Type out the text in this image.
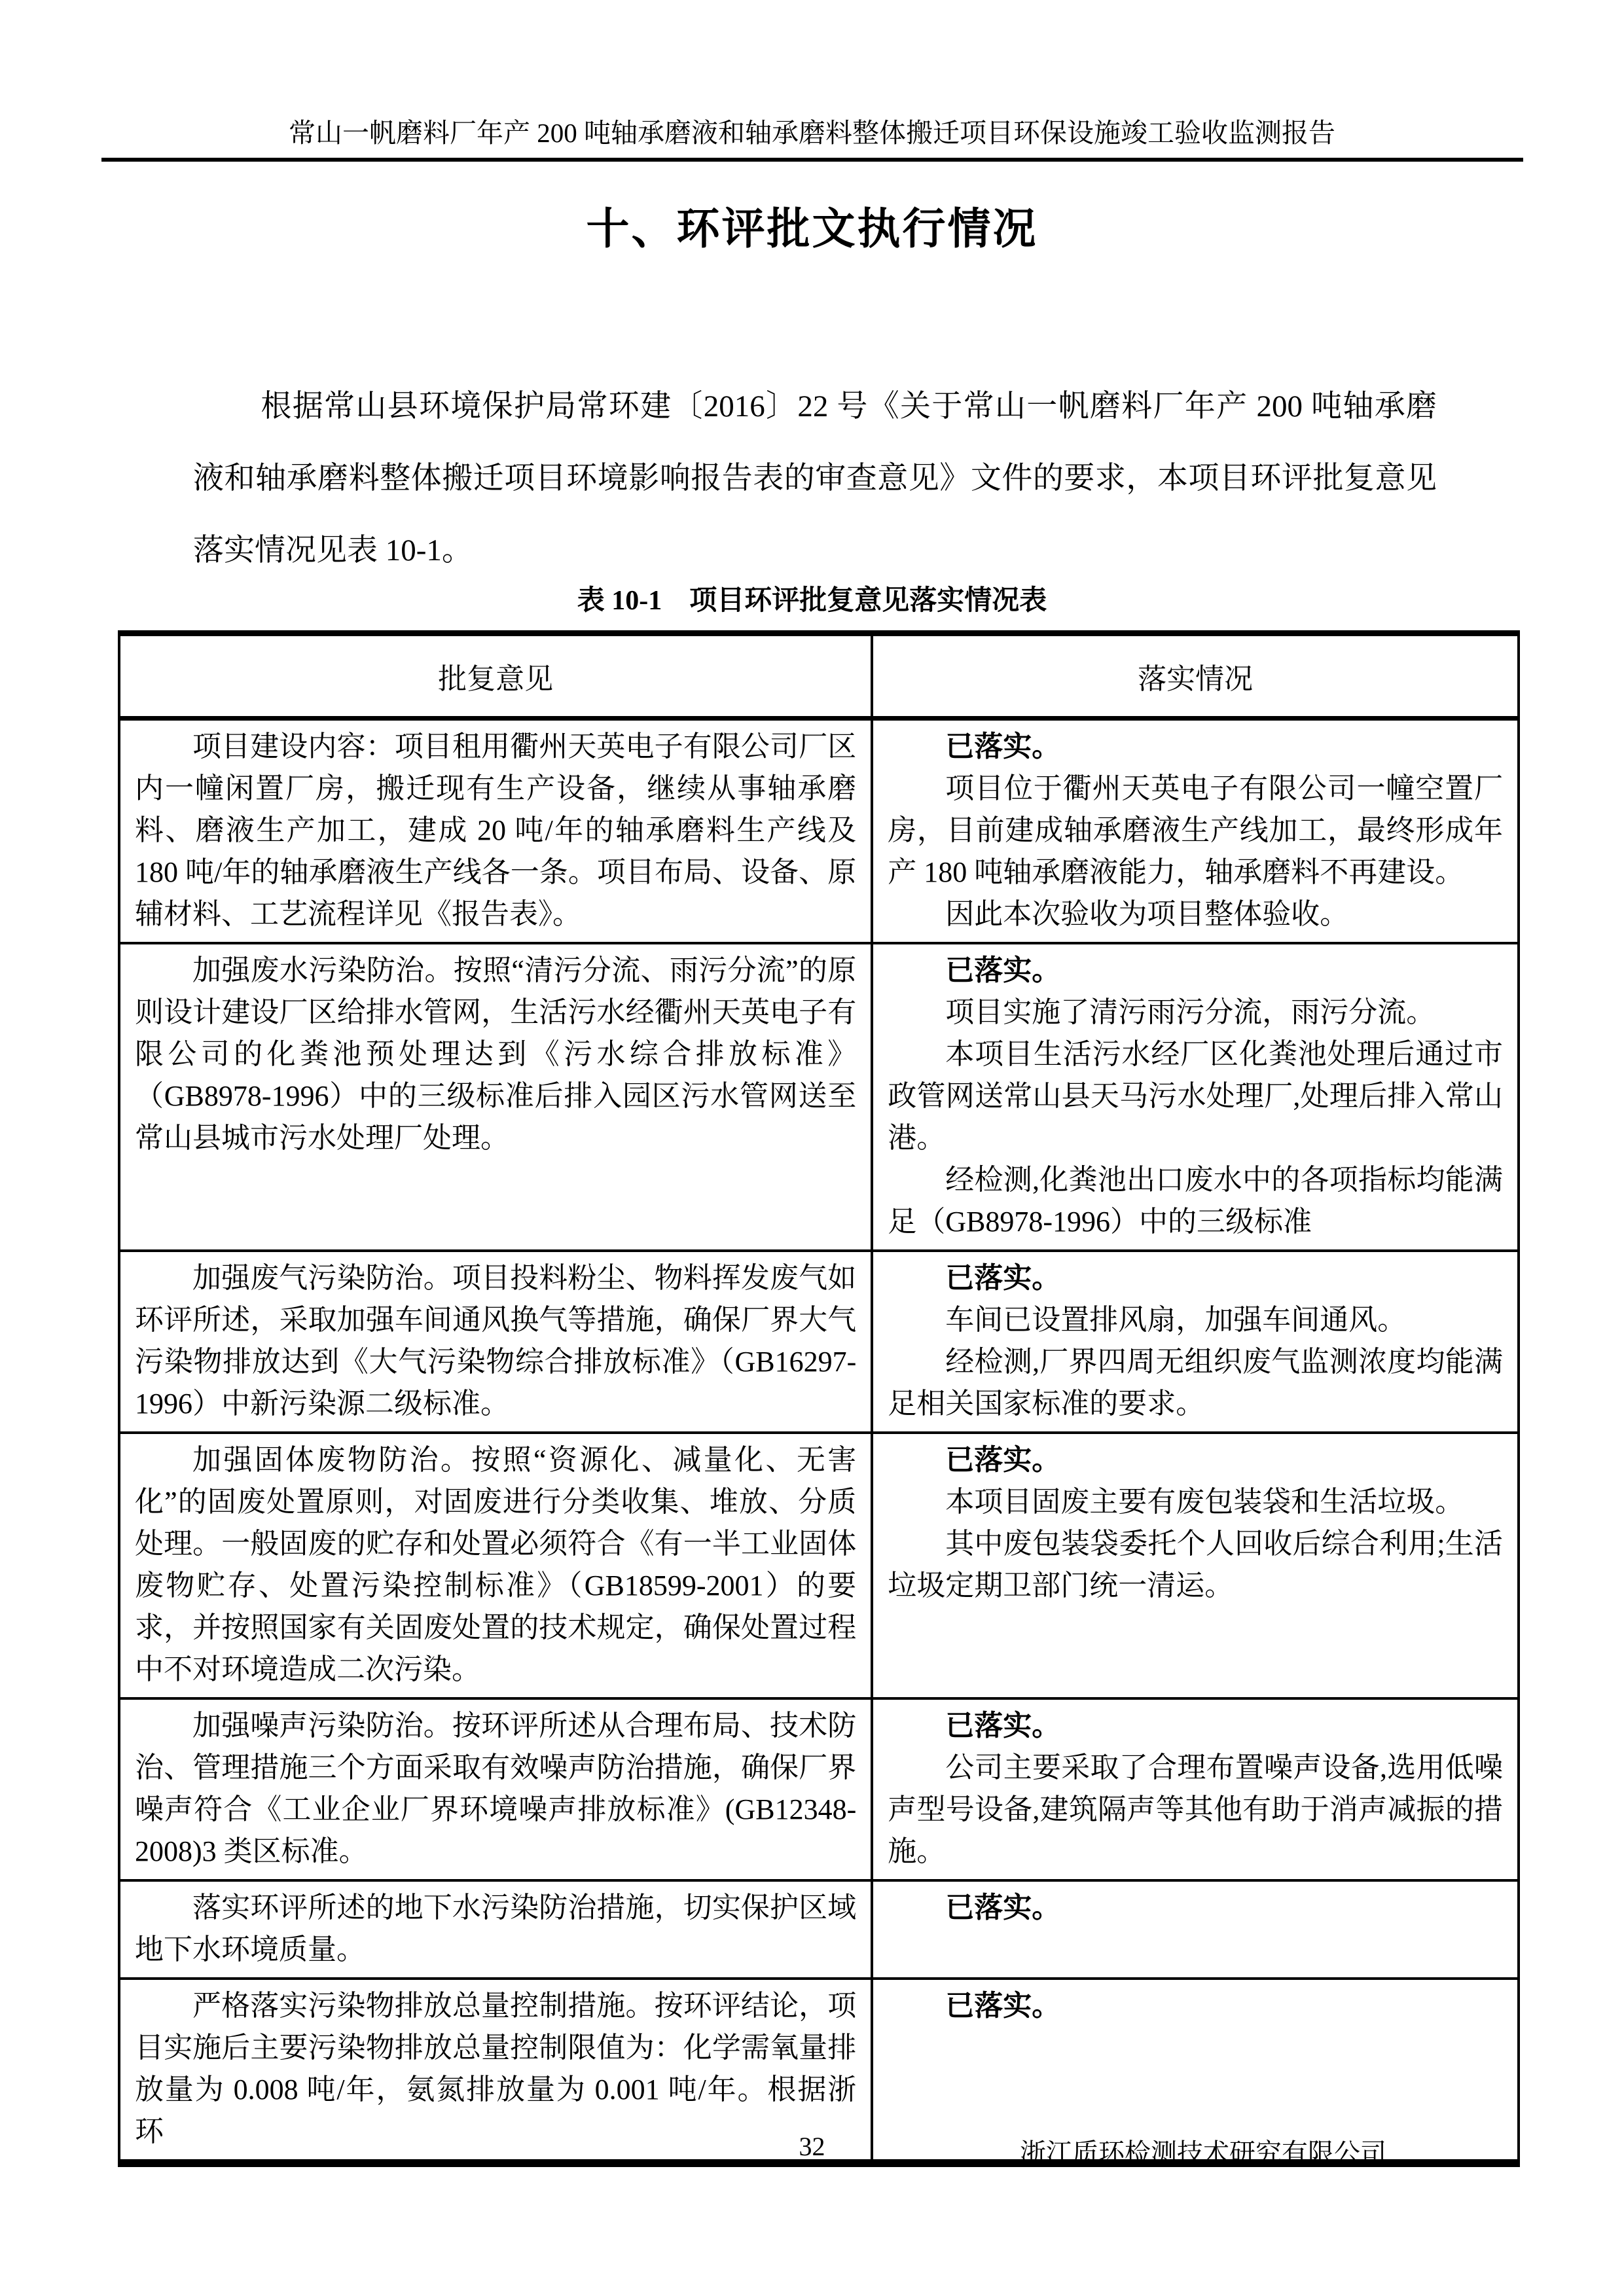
常山一帆磨料厂年产 200 吨轴承磨液和轴承磨料整体搬迁项目环保设施竣工验收监测报告
十、环评批文执行情况
根据常山县环境保护局常环建〔2016〕22 号《关于常山一帆磨料厂年产 200 吨轴承磨液和轴承磨料整体搬迁项目环境影响报告表的审查意见》文件的要求，本项目环评批复意见落实情况见表 10-1。
表 10-1　项目环评批复意见落实情况表
批复意见	落实情况

项目建设内容：项目租用衢州天英电子有限公司厂区内一幢闲置厂房，搬迁现有生产设备，继续从事轴承磨料、磨液生产加工，建成 20 吨/年的轴承磨料生产线及 180 吨/年的轴承磨液生产线各一条。项目布局、设备、原辅材料、工艺流程详见《报告表》。	已落实。

项目位于衢州天英电子有限公司一幢空置厂房，目前建成轴承磨液生产线加工，最终形成年产 180 吨轴承磨液能力，轴承磨料不再建设。

因此本次验收为项目整体验收。

加强废水污染防治。按照“清污分流、雨污分流”的原则设计建设厂区给排水管网，生活污水经衢州天英电子有限公司的化粪池预处理达到《污水综合排放标准》（GB8978-1996）中的三级标准后排入园区污水管网送至常山县城市污水处理厂处理。	已落实。

项目实施了清污雨污分流，雨污分流。

本项目生活污水经厂区化粪池处理后通过市政管网送常山县天马污水处理厂,处理后排入常山港。

经检测,化粪池出口废水中的各项指标均能满足（GB8978-1996）中的三级标准

加强废气污染防治。项目投料粉尘、物料挥发废气如环评所述，采取加强车间通风换气等措施，确保厂界大气污染物排放达到《大气污染物综合排放标准》（GB16297-1996）中新污染源二级标准。	已落实。

车间已设置排风扇，加强车间通风。

经检测,厂界四周无组织废气监测浓度均能满足相关国家标准的要求。

加强固体废物防治。按照“资源化、减量化、无害化”的固废处置原则，对固废进行分类收集、堆放、分质处理。一般固废的贮存和处置必须符合《有一半工业固体废物贮存、处置污染控制标准》（GB18599-2001）的要求，并按照国家有关固废处置的技术规定，确保处置过程中不对环境造成二次污染。	已落实。

本项目固废主要有废包装袋和生活垃圾。

其中废包装袋委托个人回收后综合利用;生活垃圾定期卫部门统一清运。

加强噪声污染防治。按环评所述从合理布局、技术防治、管理措施三个方面采取有效噪声防治措施，确保厂界噪声符合《工业企业厂界环境噪声排放标准》(GB12348-2008)3 类区标准。	已落实。

公司主要采取了合理布置噪声设备,选用低噪声型号设备,建筑隔声等其他有助于消声减振的措施。

落实环评所述的地下水污染防治措施，切实保护区域地下水环境质量。	已落实。

严格落实污染物排放总量控制措施。按环评结论，项目实施后主要污染物排放总量控制限值为：化学需氧量排放量为 0.008 吨/年，氨氮排放量为 0.001 吨/年。根据浙环	已落实。

32	浙江质环检测技术研究有限公司
